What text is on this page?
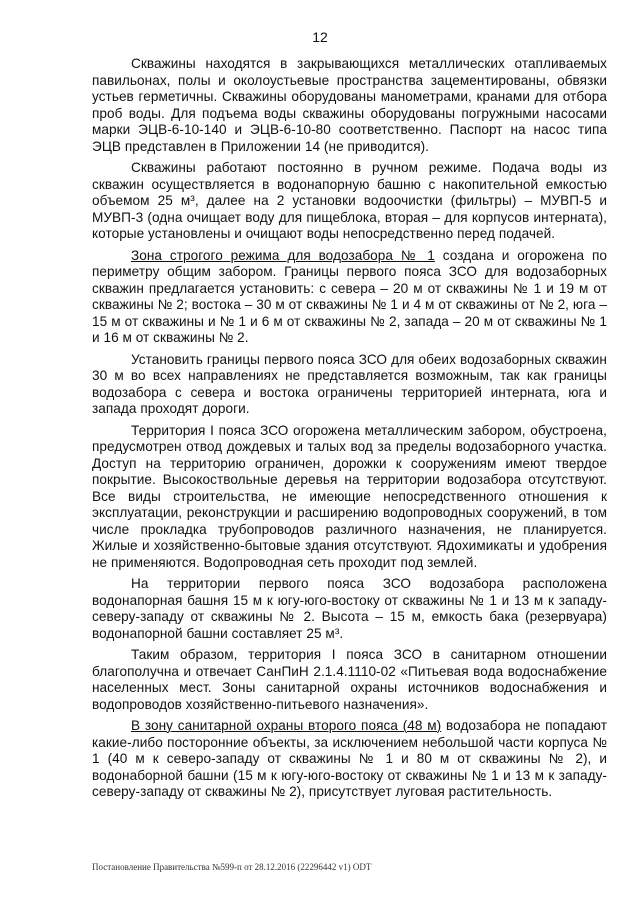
12

Скважины находятся в закрывающихся металлических отапливаемых павильонах, полы и околоустьевые пространства зацементированы, обвязки устьев герметичны. Скважины оборудованы манометрами, кранами для отбора проб воды. Для подъема воды скважины оборудованы погружными насосами марки ЭЦВ-6-10-140 и ЭЦВ-6-10-80 соответственно. Паспорт на насос типа ЭЦВ представлен в Приложении 14 (не приводится).

Скважины работают постоянно в ручном режиме. Подача воды из скважин осуществляется в водонапорную башню с накопительной емкостью объемом 25 м³, далее на 2 установки водоочистки (фильтры) – МУВП-5 и МУВП-3 (одна очищает воду для пищеблока, вторая – для корпусов интерната), которые установлены и очищают воды непосредственно перед подачей.

Зона строгого режима для водозабора № 1 создана и огорожена по периметру общим забором. Границы первого пояса ЗСО для водозаборных скважин предлагается установить: с севера – 20 м от скважины № 1 и 19 м от скважины № 2; востока – 30 м от скважины № 1 и 4 м от скважины от № 2, юга – 15 м от скважины и № 1 и 6 м от скважины № 2, запада – 20 м от скважины № 1 и 16 м от скважины № 2.

Установить границы первого пояса ЗСО для обеих водозаборных скважин 30 м во всех направлениях не представляется возможным, так как границы водозабора с севера и востока ограничены территорией интерната, юга и запада проходят дороги.

Территория I пояса ЗСО огорожена металлическим забором, обустроена, предусмотрен отвод дождевых и талых вод за пределы водозаборного участка. Доступ на территорию ограничен, дорожки к сооружениям имеют твердое покрытие. Высокоствольные деревья на территории водозабора отсутствуют. Все виды строительства, не имеющие непосредственного отношения к эксплуатации, реконструкции и расширению водопроводных сооружений, в том числе прокладка трубопроводов различного назначения, не планируется. Жилые и хозяйственно-бытовые здания отсутствуют. Ядохимикаты и удобрения не применяются. Водопроводная сеть проходит под землей.

На территории первого пояса ЗСО водозабора расположена водонапорная башня 15 м к югу-юго-востоку от скважины № 1 и 13 м к западу-северу-западу от скважины № 2. Высота – 15 м, емкость бака (резервуара) водонапорной башни составляет 25 м³.

Таким образом, территория I пояса ЗСО в санитарном отношении благополучна и отвечает СанПиН 2.1.4.1110-02 «Питьевая вода водоснабжение населенных мест. Зоны санитарной охраны источников водоснабжения и водопроводов хозяйственно-питьевого назначения».

В зону санитарной охраны второго пояса (48 м) водозабора не попадают какие-либо посторонние объекты, за исключением небольшой части корпуса № 1 (40 м к северо-западу от скважины № 1 и 80 м от скважины № 2), и водонаборной башни (15 м к югу-юго-востоку от скважины № 1 и 13 м к западу-северу-западу от скважины № 2), присутствует луговая растительность.

Постановление Правительства №599-п от 28.12.2016 (22296442 v1) ODT
